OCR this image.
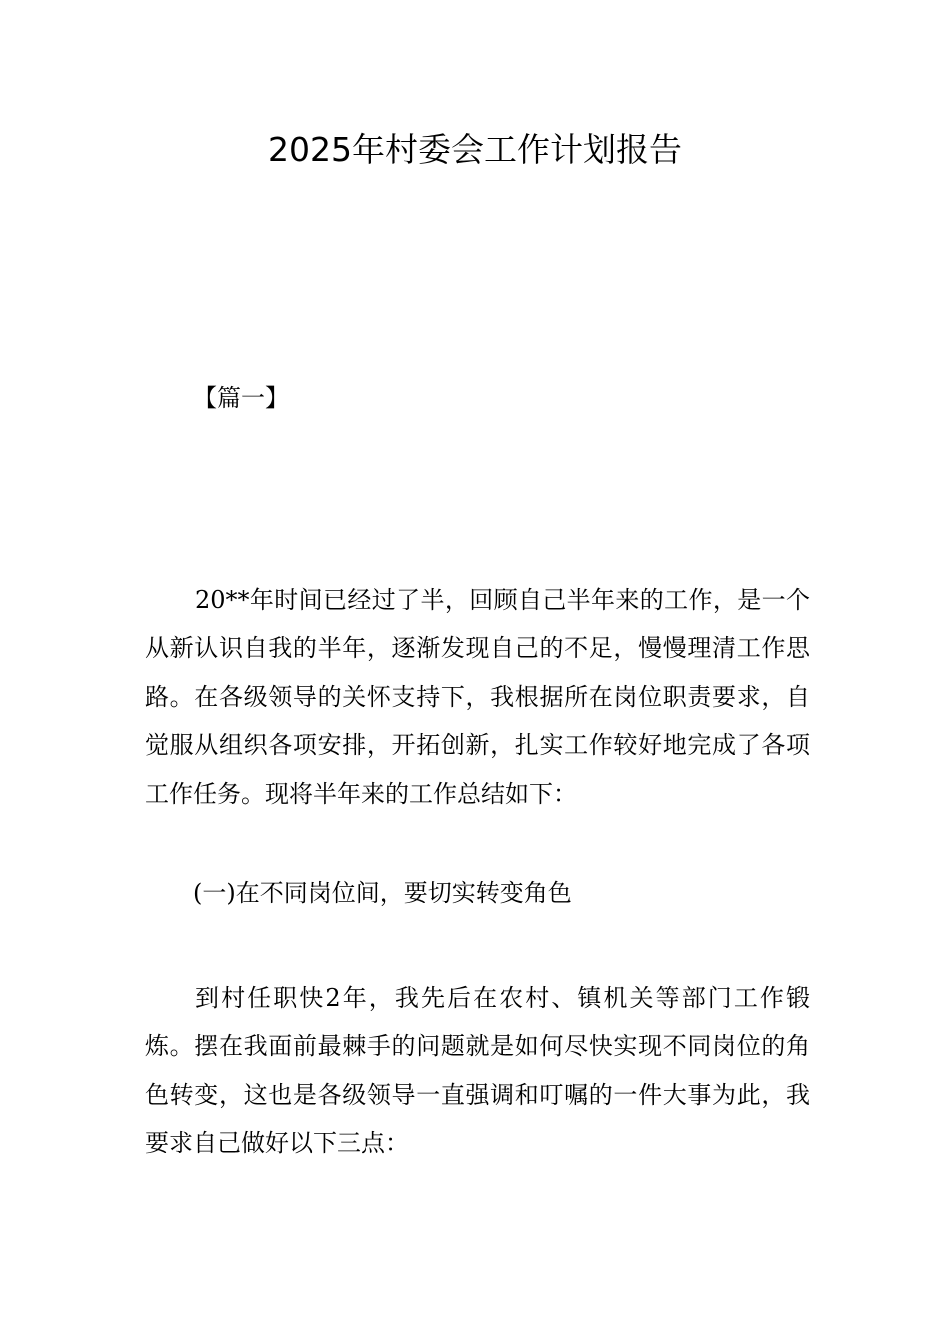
2025年村委会工作计划报告
【篇一】

20**年时间已经过了半，回顾自己半年来的工作，是一个从新认识自我的半年，逐渐发现自己的不足，慢慢理清工作思路。在各级领导的关怀支持下，我根据所在岗位职责要求，自觉服从组织各项安排，开拓创新，扎实工作较好地完成了各项工作任务。现将半年来的工作总结如下：

(一)在不同岗位间，要切实转变角色

到村任职快2年，我先后在农村、镇机关等部门工作锻炼。摆在我面前最棘手的问题就是如何尽快实现不同岗位的角色转变，这也是各级领导一直强调和叮嘱的一件大事为此，我要求自己做好以下三点：
